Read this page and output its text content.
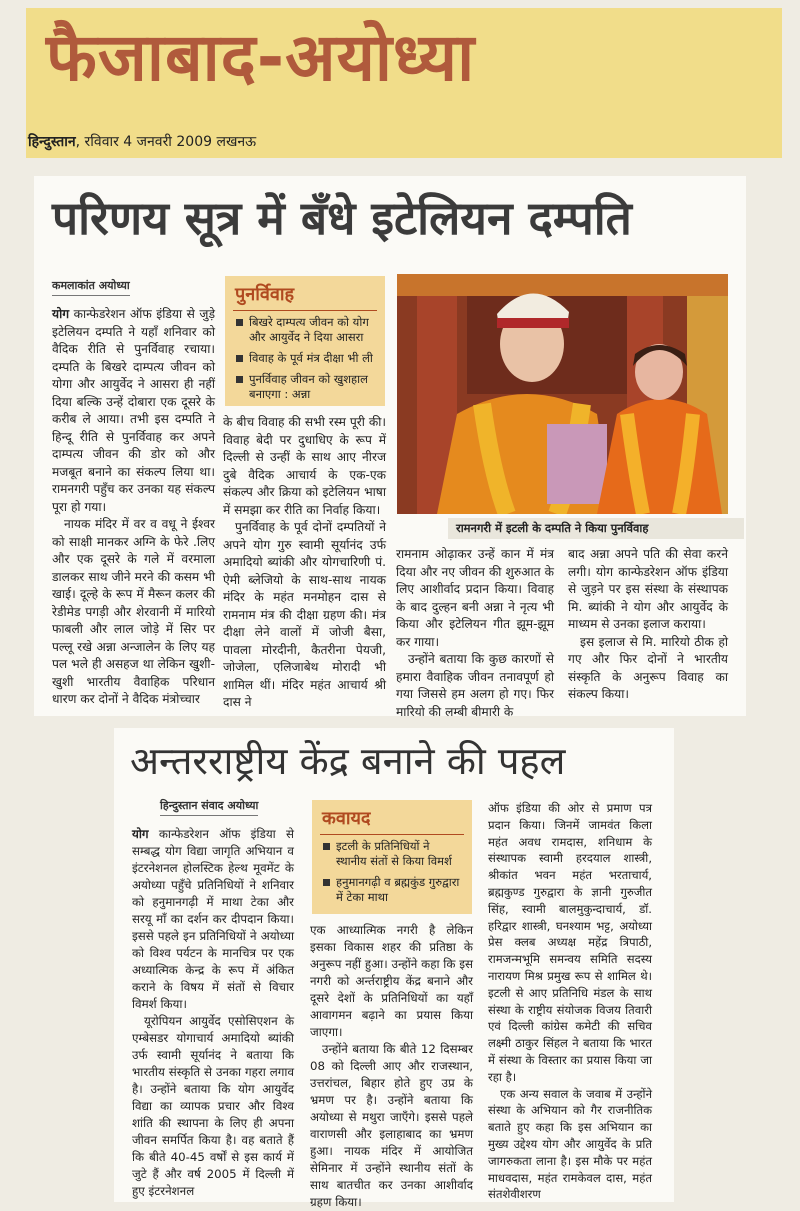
फैजाबाद-अयोध्या
हिन्दुस्तान, रविवार 4 जनवरी 2009 लखनऊ
परिणय सूत्र में बँधे इटेलियन दम्पति
कमलाकांत अयोध्या

योग कान्फेडरेशन ऑफ इंडिया से जुड़े इटेलियन दम्पति ने यहाँ शनिवार को वैदिक रीति से पुनर्विवाह रचाया। दम्पति के बिखरे दाम्पत्य जीवन को योगा और आयुर्वेद ने आसरा ही नहीं दिया बल्कि उन्हें दोबारा एक दूसरे के करीब ले आया। तभी इस दम्पति ने हिन्दू रीति से पुनर्विवाह कर अपने दाम्पत्य जीवन की डोर को और मजबूत बनाने का संकल्प लिया था। रामनगरी पहुँच कर उनका यह संकल्प पूरा हो गया।

नायक मंदिर में वर व वधू ने ईश्वर को साक्षी मानकर अग्नि के फेरे .लिए और एक दूसरे के गले में वरमाला डालकर साथ जीने मरने की कसम भी खाई। दूल्हे के रूप में मैरून कलर की रेडीमेड पगड़ी और शेरवानी में मारियो फाबली और लाल जोड़े में सिर पर पल्लू रखे अन्ना अन्जालेन के लिए यह पल भले ही असहज था लेकिन खुशी-खुशी भारतीय वैवाहिक परिधान धारण कर दोनों ने वैदिक मंत्रोच्चार

पुनर्विवाह
बिखरे दाम्पत्य जीवन को योग और आयुर्वेद ने दिया आसरा
विवाह के पूर्व मंत्र दीक्षा भी ली
पुनर्विवाह जीवन को खुशहाल बनाएगा : अन्ना

के बीच विवाह की सभी रस्म पूरी की। विवाह बेदी पर दुधाधिए के रूप में दिल्ली से उन्हीं के साथ आए नीरज दुबे वैदिक आचार्य के एक-एक संकल्प और क्रिया को इटेलियन भाषा में समझा कर रीति का निर्वाह किया।

पुनर्विवाह के पूर्व दोनों दम्पतियों ने अपने योग गुरु स्वामी सूर्यानंद उर्फ अमादियो ब्यांकी और योगचारिणी पं. ऐमी ब्लेजियो के साथ-साथ नायक मंदिर के महंत मनमोहन दास से रामनाम मंत्र की दीक्षा ग्रहण की। मंत्र दीक्षा लेने वालों में जोजी बैसा, पावला मोरदीनी, कैतरीना पेयजी, जोजेला, एलिजाबेथ मोरादी भी शामिल थीं। मंदिर महंत आचार्य श्री दास ने

रामनगरी में इटली के दम्पति ने किया पुनर्विवाह

रामनाम ओढ़ाकर उन्हें कान में मंत्र दिया और नए जीवन की शुरुआत के लिए आशीर्वाद प्रदान किया। विवाह के बाद दुल्हन बनी अन्ना ने नृत्य भी किया और इटेलियन गीत झूम-झूम कर गाया।

उन्होंने बताया कि कुछ कारणों से हमारा वैवाहिक जीवन तनावपूर्ण हो गया जिससे हम अलग हो गए। फिर मारियो की लम्बी बीमारी के

बाद अन्ना अपने पति की सेवा करने लगी। योग कान्फेडरेशन ऑफ इंडिया से जुड़ने पर इस संस्था के संस्थापक मि. ब्यांकी ने योग और आयुर्वेद के माध्यम से उनका इलाज कराया।

इस इलाज से मि. मारियो ठीक हो गए और फिर दोनों ने भारतीय संस्कृति के अनुरूप विवाह का संकल्प किया।

अन्तरराष्ट्रीय केंद्र बनाने की पहल
हिन्दुस्तान संवाद अयोध्या

योग कान्फेडरेशन ऑफ इंडिया से सम्बद्ध योग विद्या जागृति अभियान व इंटरनेशनल होलस्टिक हेल्थ मूवमेंट के अयोध्या पहुँचे प्रतिनिधियों ने शनिवार को हनुमानगढ़ी में माथा टेका और सरयू माँ का दर्शन कर दीपदान किया। इससे पहले इन प्रतिनिधियों ने अयोध्या को विश्व पर्यटन के मानचित्र पर एक अध्यात्मिक केन्द्र के रूप में अंकित कराने के विषय में संतों से विचार विमर्श किया।

यूरोपियन आयुर्वेद एसोसिएशन के एम्बेसडर योगाचार्य अमादियो ब्यांकी उर्फ स्वामी सूर्यानंद ने बताया कि भारतीय संस्कृति से उनका गहरा लगाव है। उन्होंने बताया कि योग आयुर्वेद विद्या का व्यापक प्रचार और विश्व शांति की स्थापना के लिए ही अपना जीवन समर्पित किया है। वह बताते हैं कि बीते 40-45 वर्षों से इस कार्य में जुटे हैं और वर्ष 2005 में दिल्ली में हुए इंटरनेशनल

कवायद
इटली के प्रतिनिधियों ने स्थानीय संतों से किया विमर्श
हनुमानगढ़ी व ब्रह्मकुंड गुरुद्वारा में टेका माथा

एक आध्यात्मिक नगरी है लेकिन इसका विकास शहर की प्रतिष्ठा के अनुरूप नहीं हुआ। उन्होंने कहा कि इस नगरी को अर्न्तराष्ट्रीय केंद्र बनाने और दूसरे देशों के प्रतिनिधियों का यहाँ आवागमन बढ़ाने का प्रयास किया जाएगा।

उन्होंने बताया कि बीते 12 दिसम्बर 08 को दिल्ली आए और राजस्थान, उत्तरांचल, बिहार होते हुए उप्र के भ्रमण पर है। उन्होंने बताया कि अयोध्या से मथुरा जाएँगे। इससे पहले वाराणसी और इलाहाबाद का भ्रमण हुआ। नायक मंदिर में आयोजित सेमिनार में उन्होंने स्थानीय संतों के साथ बातचीत कर उनका आशीर्वाद ग्रहण किया।

ऑफ इंडिया की ओर से प्रमाण पत्र प्रदान किया। जिनमें जामवंत किला महंत अवध रामदास, शनिधाम के संस्थापक स्वामी हरदयाल शास्त्री, श्रीकांत भवन महंत भरताचार्य, ब्रह्मकुण्ड गुरुद्वारा के ज्ञानी गुरुजीत सिंह, स्वामी बालमुकुन्दाचार्य, डॉ. हरिद्वार शास्त्री, घनश्याम भट्ट, अयोध्या प्रेस क्लब अध्यक्ष महेंद्र त्रिपाठी, रामजन्मभूमि समन्वय समिति सदस्य नारायण मिश्र प्रमुख रूप से शामिल थे। इटली से आए प्रतिनिधि मंडल के साथ संस्था के राष्ट्रीय संयोजक विजय तिवारी एवं दिल्ली कांग्रेस कमेटी की सचिव लक्ष्मी ठाकुर सिंहल ने बताया कि भारत में संस्था के विस्तार का प्रयास किया जा रहा है।

एक अन्य सवाल के जवाब में उन्होंने संस्था के अभियान को गैर राजनीतिक बताते हुए कहा कि इस अभियान का मुख्य उद्देश्य योग और आयुर्वेद के प्रति जागरुकता लाना है। इस मौके पर महंत माधवदास, महंत रामकेवल दास, महंत संतशेवीशरण
